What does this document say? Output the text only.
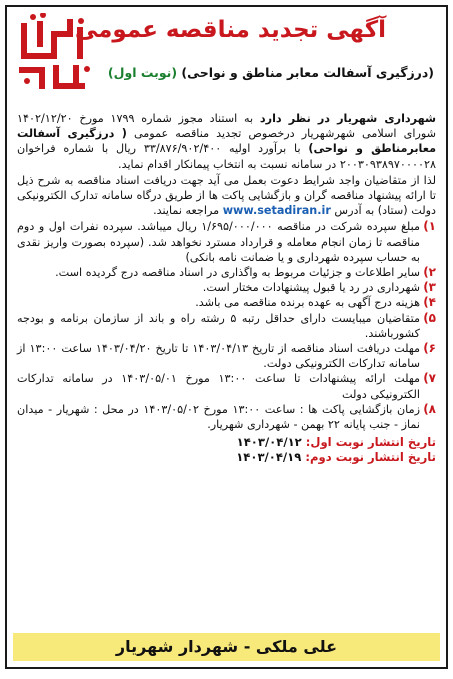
آگهی تجدید مناقصه عمومی
(درزگیری آسفالت معابر مناطق و نواحی) (نوبت اول)

شهرداری شهریار در نظر دارد به استناد مجوز شماره ۱۷۹۹ مورخ ۱۴۰۲/۱۲/۲۰ شورای اسلامی شهرشهریار درخصوص تجدید مناقصه عمومی ( درزگیری آسفالت معابرمناطق و نواحی) با برآورد اولیه ۳۳/۸۷۶/۹۰۲/۴۰۰ ریال با شماره فراخوان ۲۰۰۳۰۹۳۸۹۷۰۰۰۰۲۸ در سامانه نسبت به انتخاب پیمانکار اقدام نماید.

لذا از متقاضیان واجد شرایط دعوت بعمل می آید جهت دریافت اسناد مناقصه به شرح ذیل تا ارائه پیشنهاد مناقصه گران و بازگشایی پاکت ها از طریق درگاه سامانه تدارک الکترونیکی دولت (ستاد) به آدرس www.setadiran.ir مراجعه نمایند.

۱)
مبلغ سپرده شرکت در مناقصه ۱/۶۹۵/۰۰۰/۰۰۰ ریال میباشد. سپرده نفرات اول و دوم مناقصه تا زمان انجام معامله و قرارداد مسترد نخواهد شد. (سپرده بصورت واریز نقدی به حساب سپرده شهرداری و یا ضمانت نامه بانکی)
۲)
سایر اطلاعات و جزئیات مربوط به واگذاری در اسناد مناقصه درج گردیده است.
۳)
شهرداری در رد یا قبول پیشنهادات مختار است.
۴)
هزینه درج آگهی به عهده برنده مناقصه می باشد.
۵)
متقاضیان میبایست دارای حداقل رتبه ۵ رشته راه و باند از سازمان برنامه و بودجه کشورباشند.
۶)
مهلت دریافت اسناد مناقصه از تاریخ ۱۴۰۳/۰۴/۱۳ تا تاریخ ۱۴۰۳/۰۴/۲۰ ساعت ۱۳:۰۰ از سامانه تدارکات الکترونیکی دولت.
۷)
مهلت ارائه پیشنهادات تا ساعت ۱۳:۰۰ مورخ ۱۴۰۳/۰۵/۰۱ در سامانه تدارکات الکترونیکی دولت
۸)
زمان بازگشایی پاکت ها : ساعت ۱۳:۰۰ مورخ ۱۴۰۳/۰۵/۰۲ در محل : شهریار - میدان نماز - جنب پایانه ۲۲ بهمن - شهرداری شهریار.
تاریخ انتشار نوبت اول: ۱۴۰۳/۰۴/۱۲
تاریخ انتشار نوبت دوم: ۱۴۰۳/۰۴/۱۹
علی ملکی - شهردار شهریار
